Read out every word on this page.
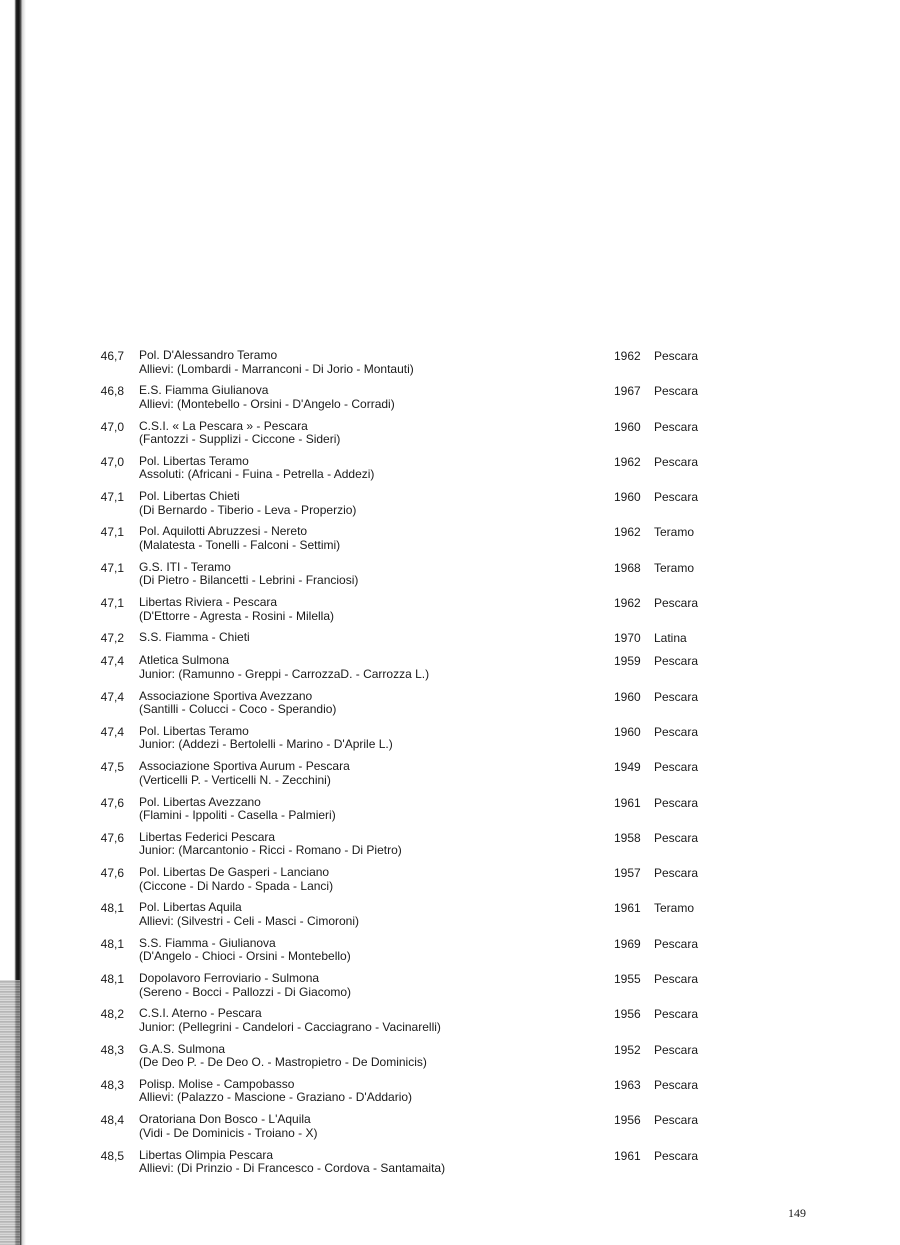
46,7 Pol. D'Alessandro Teramo
Allievi: (Lombardi - Marranconi - Di Jorio - Montauti)
1962 Pescara
46,8 E.S. Fiamma Giulianova
Allievi: (Montebello - Orsini - D'Angelo - Corradi)
1967 Pescara
47,0 C.S.I. « La Pescara » - Pescara
(Fantozzi - Supplizi - Ciccone - Sideri)
1960 Pescara
47,0 Pol. Libertas Teramo
Assoluti: (Africani - Fuina - Petrella - Addezi)
1962 Pescara
47,1 Pol. Libertas Chieti
(Di Bernardo - Tiberio - Leva - Properzio)
1960 Pescara
47,1 Pol. Aquilotti Abruzzesi - Nereto
(Malatesta - Tonelli - Falconi - Settimi)
1962 Teramo
47,1 G.S. ITI - Teramo
(Di Pietro - Bilancetti - Lebrini - Franciosi)
1968 Teramo
47,1 Libertas Riviera - Pescara
(D'Ettorre - Agresta - Rosini - Milella)
1962 Pescara
47,2 S.S. Fiamma - Chieti	1970 Latina
47,4 Atletica Sulmona
Junior: (Ramunno - Greppi - CarrozzaD. - Carrozza L.)
1959 Pescara
47,4 Associazione Sportiva Avezzano
(Santilli - Colucci - Coco - Sperandio)
1960 Pescara
47,4 Pol. Libertas Teramo
Junior: (Addezi - Bertolelli - Marino - D'Aprile L.)
1960 Pescara
47,5 Associazione Sportiva Aurum - Pescara
(Verticelli P. - Verticelli N. - Zecchini)
1949 Pescara
47,6 Pol. Libertas Avezzano
(Flamini - Ippoliti - Casella - Palmieri)
1961 Pescara
47,6 Libertas Federici Pescara
Junior: (Marcantonio - Ricci - Romano - Di Pietro)
1958 Pescara
47,6 Pol. Libertas De Gasperi - Lanciano
(Ciccone - Di Nardo - Spada - Lanci)
1957 Pescara
48,1 Pol. Libertas Aquila
Allievi: (Silvestri - Celi - Masci - Cimoroni)
1961 Teramo
48,1 S.S. Fiamma - Giulianova
(D'Angelo - Chioci - Orsini - Montebello)
1969 Pescara
48,1 Dopolavoro Ferroviario - Sulmona
(Sereno - Bocci - Pallozzi - Di Giacomo)
1955 Pescara
48,2 C.S.I. Aterno - Pescara
Junior: (Pellegrini - Candelori - Cacciagrano - Vacinarelli)
1956 Pescara
48,3 G.A.S. Sulmona
(De Deo P. - De Deo O. - Mastropietro - De Dominicis)
1952 Pescara
48,3 Polisp. Molise - Campobasso
Allievi: (Palazzo - Mascione - Graziano - D'Addario)
1963 Pescara
48,4 Oratoriana Don Bosco - L'Aquila
(Vidi - De Dominicis - Troiano - X)
1956 Pescara
48,5 Libertas Olimpia Pescara
Allievi: (Di Prinzio - Di Francesco - Cordova - Santamaita)
1961 Pescara
149
